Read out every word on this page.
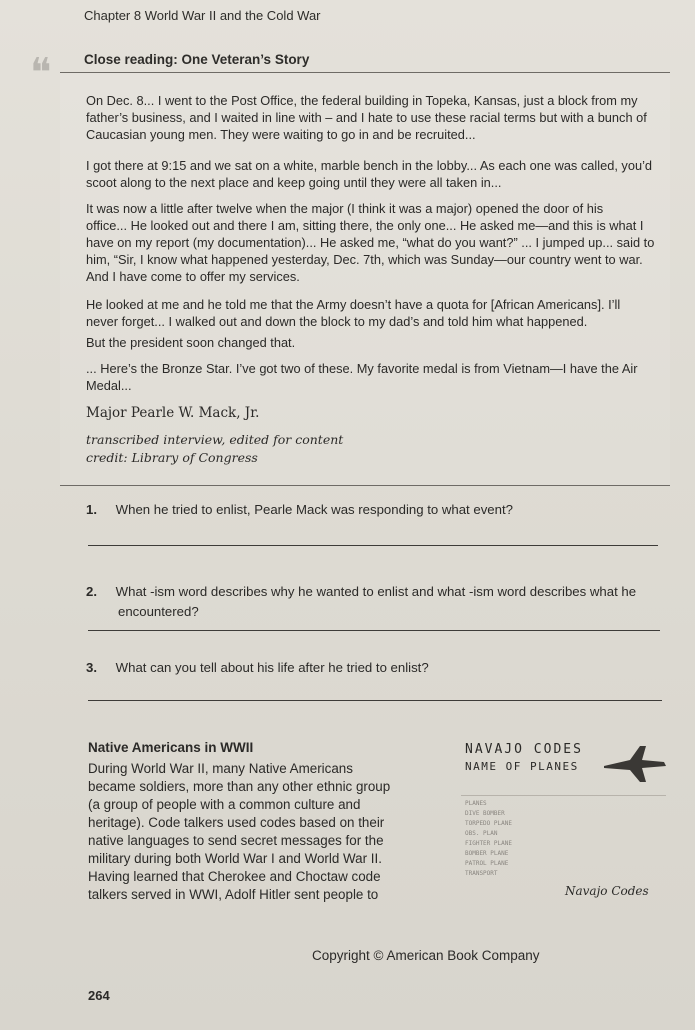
Chapter 8 World War II and the Cold War
❝ Close reading: One Veteran’s Story
On Dec. 8... I went to the Post Office, the federal building in Topeka, Kansas, just a block from my
father’s business, and I waited in line with – and I hate to use these racial terms but with a bunch of
Caucasian young men. They were waiting to go in and be recruited...
I got there at 9:15 and we sat on a white, marble bench in the lobby... As each one was called, you’d
scoot along to the next place and keep going until they were all taken in...
It was now a little after twelve when the major (I think it was a major) opened the door of his
office... He looked out and there I am, sitting there, the only one... He asked me—and this is what I
have on my report (my documentation)... He asked me, “what do you want?” ... I jumped up... said to
him, “Sir, I know what happened yesterday, Dec. 7th, which was Sunday—our country went to war.
And I have come to offer my services.
He looked at me and he told me that the Army doesn’t have a quota for [African Americans]. I’ll
never forget... I walked out and down the block to my dad’s and told him what happened.
But the president soon changed that.
... Here’s the Bronze Star. I’ve got two of these. My favorite medal is from Vietnam—I have the Air
Medal...
Major Pearle W. Mack, Jr.
transcribed interview, edited for content
credit: Library of Congress
1. When he tried to enlist, Pearle Mack was responding to what event?
2. What -ism word describes why he wanted to enlist and what -ism word describes what he
encountered?
3. What can you tell about his life after he tried to enlist?
Native Americans in WWII
During World War II, many Native Americans
became soldiers, more than any other ethnic group
(a group of people with a common culture and
heritage). Code talkers used codes based on their
native languages to send secret messages for the
military during both World War I and World War II.
Having learned that Cherokee and Choctaw code
talkers served in WWI, Adolf Hitler sent people to
NAVAJO CODES
NAME OF PLANES
PLANES
DIVE BOMBER
TORPEDO PLANE
OBS. PLAN
FIGHTER PLANE
BOMBER PLANE
PATROL PLANE
TRANSPORT
Navajo Codes
Copyright © American Book Company
264
